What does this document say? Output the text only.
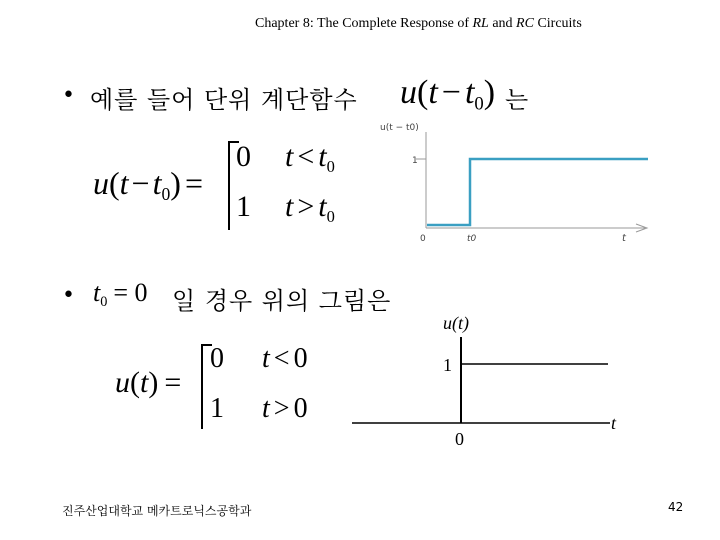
Chapter 8: The Complete Response of RL and RC Circuits
• 예를 들어 단위 계단함수 $u(t - t_0)$ 는
$u(t-t_0)$ =
0 $t < t_0$
1 $t > t_0$
u(t − t0)
1
0	t0	t
• $t_0 = 0$ 일 경우 위의 그림은
u(t) =
0 t < 0
1 t > 0
u(t)
1
0
t
진주산업대학교 메카트로닉스공학과	42
